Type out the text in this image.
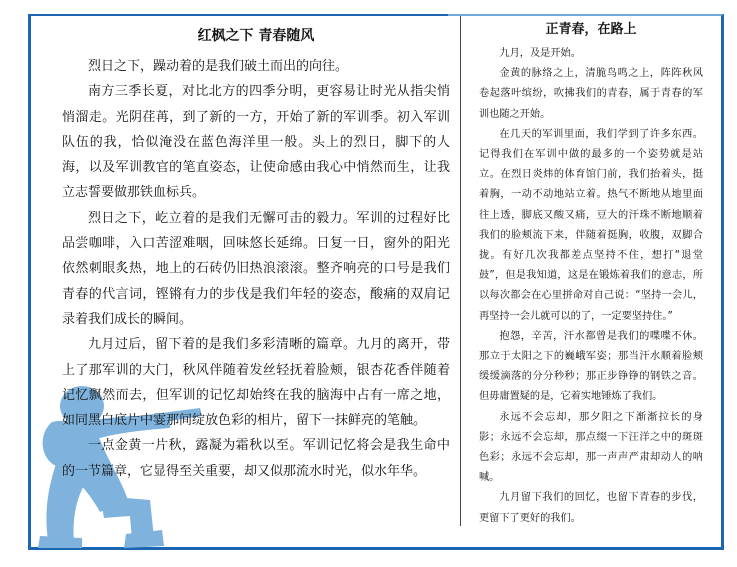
红枫之下 青春随风

烈日之下，躁动着的是我们破土而出的向往。

南方三季长夏，对比北方的四季分明，更容易让时光从指尖悄悄溜走。光阴荏苒，到了新的一方，开始了新的军训季。初入军训队伍的我，恰似淹没在蓝色海洋里一般。头上的烈日，脚下的人海，以及军训教官的笔直姿态，让使命感由我心中悄然而生，让我立志誓要做那铁血标兵。

烈日之下，屹立着的是我们无懈可击的毅力。军训的过程好比品尝咖啡，入口苦涩难咽，回味悠长延绵。日复一日，窗外的阳光依然刺眼炙热，地上的石砖仍旧热浪滚滚。整齐响亮的口号是我们青春的代言词，铿锵有力的步伐是我们年轻的姿态，酸痛的双肩记录着我们成长的瞬间。

九月过后，留下着的是我们多彩清晰的篇章。九月的离开，带上了那军训的大门，秋风伴随着发丝轻抚着脸颊，银杏花香伴随着记忆飘然而去，但军训的记忆却始终在我的脑海中占有一席之地，如同黑白底片中霎那间绽放色彩的相片，留下一抹鲜亮的笔触。

一点金黄一片秋，露凝为霜秋以至。军训记忆将会是我生命中的一节篇章，它显得至关重要，却又似那流水时光，似水年华。

正青春，在路上

九月，及是开始。

金黄的脉络之上，清脆鸟鸣之上，阵阵秋风卷起落叶缤纷，吹拂我们的青春，属于青春的军训也随之开始。

在几天的军训里面，我们学到了许多东西。记得我们在军训中做的最多的一个姿势就是站立。在烈日炎炜的体育馆门前，我们抬着头，挺着胸，一动不动地站立着。热气不断地从地里面往上透，脚底又酸又痛，豆大的汗珠不断地顺着我们的脸颊流下来，伴随着挺胸，收腹，双脚合拢。有好几次我都差点坚持不住，想打“退堂鼓”，但是我知道，这是在锻炼着我们的意志，所以每次都会在心里拼命对自己说：“坚持一会儿，再坚持一会儿就可以的了，一定要坚持住。”

抱怨，辛苦，汗水都曾是我们的喋喋不休。那立于太阳之下的巍峨军姿；那当汗水顺着脸颊缓缓滴落的分分秒秒；那正步铮铮的钢铁之音。但毋庸置疑的是，它着实地锤炼了我们。

永远不会忘却，那夕阳之下渐渐拉长的身影；永远不会忘却，那点缀一下汪洋之中的斑斑色彩；永远不会忘却，那一声声严肃却动人的呐喊。

九月留下我们的回忆，也留下青春的步伐，更留下了更好的我们。
